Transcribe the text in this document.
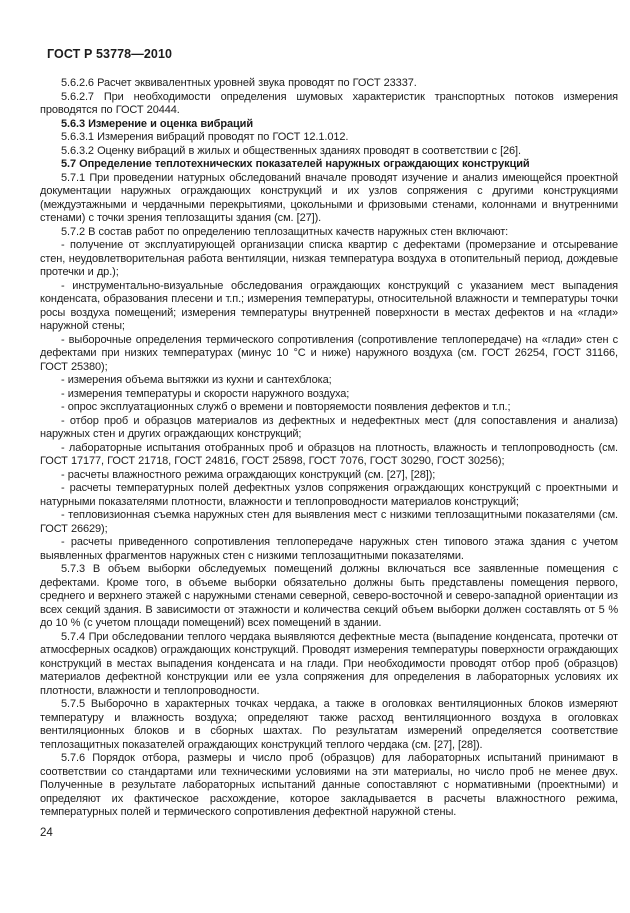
ГОСТ Р 53778—2010

5.6.2.6 Расчет эквивалентных уровней звука проводят по ГОСТ 23337.

5.6.2.7 При необходимости определения шумовых характеристик транспортных потоков измерения проводятся по ГОСТ 20444.

5.6.3 Измерение и оценка вибраций

5.6.3.1 Измерения вибраций проводят по ГОСТ 12.1.012.

5.6.3.2 Оценку вибраций в жилых и общественных зданиях проводят в соответствии с [26].

5.7 Определение теплотехнических показателей наружных ограждающих конструкций

5.7.1 При проведении натурных обследований вначале проводят изучение и анализ имеющейся проектной документации наружных ограждающих конструкций и их узлов сопряжения с другими конструкциями (междуэтажными и чердачными перекрытиями, цокольными и фризовыми стенами, колоннами и внутренними стенами) с точки зрения теплозащиты здания (см. [27]).

5.7.2 В состав работ по определению теплозащитных качеств наружных стен включают:

- получение от эксплуатирующей организации списка квартир с дефектами (промерзание и отсыревание стен, неудовлетворительная работа вентиляции, низкая температура воздуха в отопительный период, дождевые протечки и др.);

- инструментально-визуальные обследования ограждающих конструкций с указанием мест выпадения конденсата, образования плесени и т.п.; измерения температуры, относительной влажности и температуры точки росы воздуха помещений; измерения температуры внутренней поверхности в местах дефектов и на «глади» наружной стены;

- выборочные определения термического сопротивления (сопротивление теплопередаче) на «глади» стен с дефектами при низких температурах (минус 10 °С и ниже) наружного воздуха (см. ГОСТ 26254, ГОСТ 31166, ГОСТ 25380);

- измерения объема вытяжки из кухни и сантехблока;

- измерения температуры и скорости наружного воздуха;

- опрос эксплуатационных служб о времени и повторяемости появления дефектов и т.п.;

- отбор проб и образцов материалов из дефектных и недефектных мест (для сопоставления и анализа) наружных стен и других ограждающих конструкций;

- лабораторные испытания отобранных проб и образцов на плотность, влажность и теплопроводность (см. ГОСТ 17177, ГОСТ 21718, ГОСТ 24816, ГОСТ 25898, ГОСТ 7076, ГОСТ 30290, ГОСТ 30256);

- расчеты влажностного режима ограждающих конструкций (см. [27], [28]);

- расчеты температурных полей дефектных узлов сопряжения ограждающих конструкций с проектными и натурными показателями плотности, влажности и теплопроводности материалов конструкций;

- тепловизионная съемка наружных стен для выявления мест с низкими теплозащитными показателями (см. ГОСТ 26629);

- расчеты приведенного сопротивления теплопередаче наружных стен типового этажа здания с учетом выявленных фрагментов наружных стен с низкими теплозащитными показателями.

5.7.3 В объем выборки обследуемых помещений должны включаться все заявленные помещения с дефектами. Кроме того, в объеме выборки обязательно должны быть представлены помещения первого, среднего и верхнего этажей с наружными стенами северной, северо-восточной и северо-западной ориентации из всех секций здания. В зависимости от этажности и количества секций объем выборки должен составлять от 5 % до 10 % (с учетом площади помещений) всех помещений в здании.

5.7.4 При обследовании теплого чердака выявляются дефектные места (выпадение конденсата, протечки от атмосферных осадков) ограждающих конструкций. Проводят измерения температуры поверхности ограждающих конструкций в местах выпадения конденсата и на глади. При необходимости проводят отбор проб (образцов) материалов дефектной конструкции или ее узла сопряжения для определения в лабораторных условиях их плотности, влажности и теплопроводности.

5.7.5 Выборочно в характерных точках чердака, а также в оголовках вентиляционных блоков измеряют температуру и влажность воздуха; определяют также расход вентиляционного воздуха в оголовках вентиляционных блоков и в сборных шахтах. По результатам измерений определяется соответствие теплозащитных показателей ограждающих конструкций теплого чердака (см. [27], [28]).

5.7.6 Порядок отбора, размеры и число проб (образцов) для лабораторных испытаний принимают в соответствии со стандартами или техническими условиями на эти материалы, но число проб не менее двух. Полученные в результате лабораторных испытаний данные сопоставляют с нормативными (проектными) и определяют их фактическое расхождение, которое закладывается в расчеты влажностного режима, температурных полей и термического сопротивления дефектной наружной стены.

24
